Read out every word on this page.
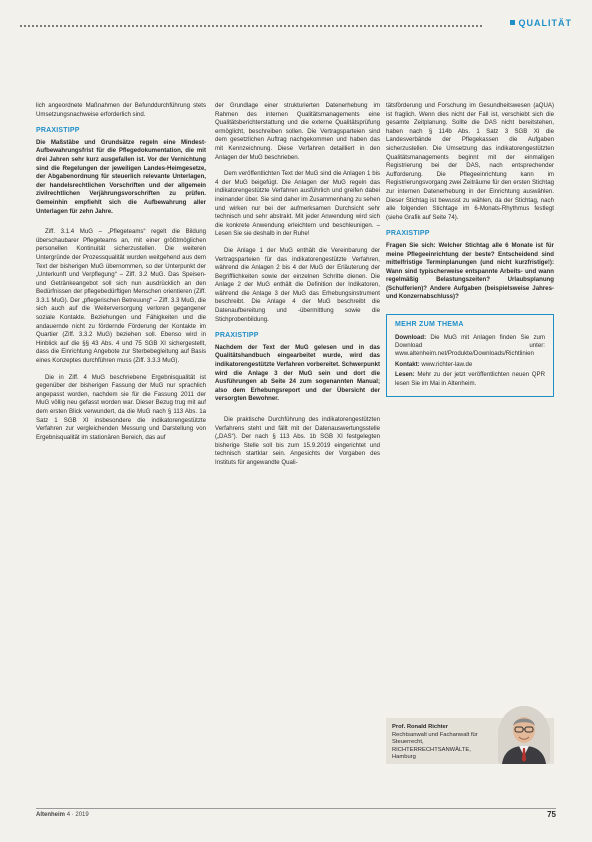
QUALITÄT

lich angeordnete Maßnahmen der Befunddurchführung stets Umsetzungsnachweise erforderlich sind.

PRAXISTIPP

Die Maßstäbe und Grundsätze regeln eine Mindest-Aufbewahrungsfrist für die Pflegedokumentation, die mit drei Jahren sehr kurz ausgefallen ist. Vor der Vernichtung sind die Regelungen der jeweiligen Landes-Heimgesetze, der Abgabenordnung für steuerlich relevante Unterlagen, der handelsrechtlichen Vorschriften und der allgemein zivilrechtlichen Verjährungsvorschriften zu prüfen. Gemeinhin empfiehlt sich die Aufbewahrung aller Unterlagen für zehn Jahre.

Ziff. 3.1.4 MuG – „Pflegeteams“ regelt die Bildung überschaubarer Pflegeteams an, mit einer größtmöglichen personellen Kontinuität sicherzustellen. Die weiteren Untergründe der Prozessqualität wurden weitgehend aus dem Text der bisherigen MuG übernommen, so der Unterpunkt der „Unterkunft und Verpflegung“ – Ziff. 3.2 MuG. Das Speisen- und Getränkeangebot soll sich nun ausdrücklich an den Bedürfnissen der pflegebedürftigen Menschen orientieren (Ziff. 3.3.1 MuG). Der „pflegerischen Betreuung“ – Ziff. 3.3 MuG, die sich auch auf die Weiterversorgung verloren gegangener soziale Kontakte. Beziehungen und Fähigkeiten und die andauernde nicht zu fördernde Förderung der Kontakte im Quartier (Ziff. 3.3.2 MuG) beziehen soll. Ebenso wird in Hinblick auf die §§ 43 Abs. 4 und 75 SGB XI sichergestellt, dass die Einrichtung Angebote zur Sterbebegleitung auf Basis eines Konzeptes durchführen muss (Ziff. 3.3.3 MuG).

Die in Ziff. 4 MuG beschriebene Ergebnisqualität ist gegenüber der bisherigen Fassung der MuG nur sprachlich angepasst worden, nachdem sie für die Fassung 2011 der MuG völlig neu gefasst worden war. Dieser Bezug trug mit auf dem ersten Blick verwundert, da die MuG nach § 113 Abs. 1a Satz 1 SGB XI insbesondere die indikatorengestützte Verfahren zur vergleichenden Messung und Darstellung von Ergebnisqualität im stationären Bereich, das auf

der Grundlage einer strukturierten Datenerhebung im Rahmen des internen Qualitätsmanagements eine Qualitätsberichterstattung und die externe Qualitätsprüfung ermöglicht, beschreiben sollen. Die Vertragsparteien sind dem gesetzlichen Auftrag nachgekommen und haben das mit Kennzeichnung. Diese Verfahren detailliert in den Anlagen der MuG beschrieben.

Dem veröffentlichten Text der MuG sind die Anlagen 1 bis 4 der MuG beigefügt. Die Anlagen der MuG regeln das indikatorengestützte Verfahren ausführlich und greifen dabei ineinander über. Sie sind daher im Zusammenhang zu sehen und wirken nur bei der aufmerksamen Durchsicht sehr technisch und sehr abstrakt. Mit jeder Anwendung wird sich die konkrete Anwendung erleichtern und beschleunigen. – Lesen Sie sie deshalb in der Ruhe!

Die Anlage 1 der MuG enthält die Vereinbarung der Vertragsparteien für das indikatorengestützte Verfahren, während die Anlagen 2 bis 4 der MuG der Erläuterung der Begrifflichkeiten sowie der einzelnen Schritte dienen. Die Anlage 2 der MuG enthält die Definition der Indikatoren, während die Anlage 3 der MuG das Erhebungsinstrument beschreibt. Die Anlage 4 der MuG beschreibt die Datenaufbereitung und -übermittlung sowie die Stichprobenbildung.

PRAXISTIPP

Nachdem der Text der MuG gelesen und in das Qualitätshandbuch eingearbeitet wurde, wird das indikatorengestützte Verfahren vorbereitet. Schwerpunkt wird die Anlage 3 der MuG sein und dort die Ausführungen ab Seite 24 zum sogenannten Manual; also dem Erhebungsreport und der Übersicht der versorgten Bewohner.

Die praktische Durchführung des indikatorengestützten Verfahrens steht und fällt mit der Datenauswertungsstelle („DAS“). Der nach § 113 Abs. 1b SGB XI festgelegten bisherige Stelle soll bis zum 15.9.2019 eingerichtet und technisch startklar sein. Angesichts der Vorgaben des Instituts für angewandte Quali-

tätsförderung und Forschung im Gesundheitswesen (aQUA) ist fraglich. Wenn dies nicht der Fall ist, verschiebt sich die gesamte Zeitplanung. Sollte die DAS nicht bereitstehen, haben nach § 114b Abs. 1 Satz 3 SGB XI die Landesverbände der Pflegekassen die Aufgaben sicherzustellen. Die Umsetzung das indikatorengestützten Qualitätsmanagements beginnt mit der einmaligen Registrierung bei der DAS, nach entsprechender Aufforderung. Die Pflegeeinrichtung kann im Registrierungsvorgang zwei Zeiträume für den ersten Stichtag zur internen Datenerhebung in der Einrichtung auswählen. Dieser Stichtag ist bewusst zu wählen, da der Stichtag, nach alle folgenden Stichtage im 6-Monats-Rhythmus festlegt (siehe Grafik auf Seite 74).

PRAXISTIPP

Fragen Sie sich: Welcher Stichtag alle 6 Monate ist für meine Pflegeeinrichtung der beste? Entscheidend sind mittelfristige Terminplanungen (und nicht kurzfristige!): Wann sind typischerweise entspannte Arbeits- und wann regelmäßig Belastungszeiten? Urlaubsplanung (Schulferien)? Andere Aufgaben (beispielsweise Jahres- und Konzernabschluss)?

MEHR ZUM THEMA

Download: Die MuG mit Anlagen finden Sie zum Download unter: www.altenheim.net/Produkte/Downloads/Richtlinien

Kontakt: www.richter-law.de

Lesen: Mehr zu der jetzt veröffentlichten neuen QPR lesen Sie im Mai in Altenheim.

Prof. Ronald Richter
Rechtsanwalt und Fachanwalt für Steuerrecht, RICHTERRECHTSANWÄLTE, Hamburg
Altenheim 4 · 2019	75
